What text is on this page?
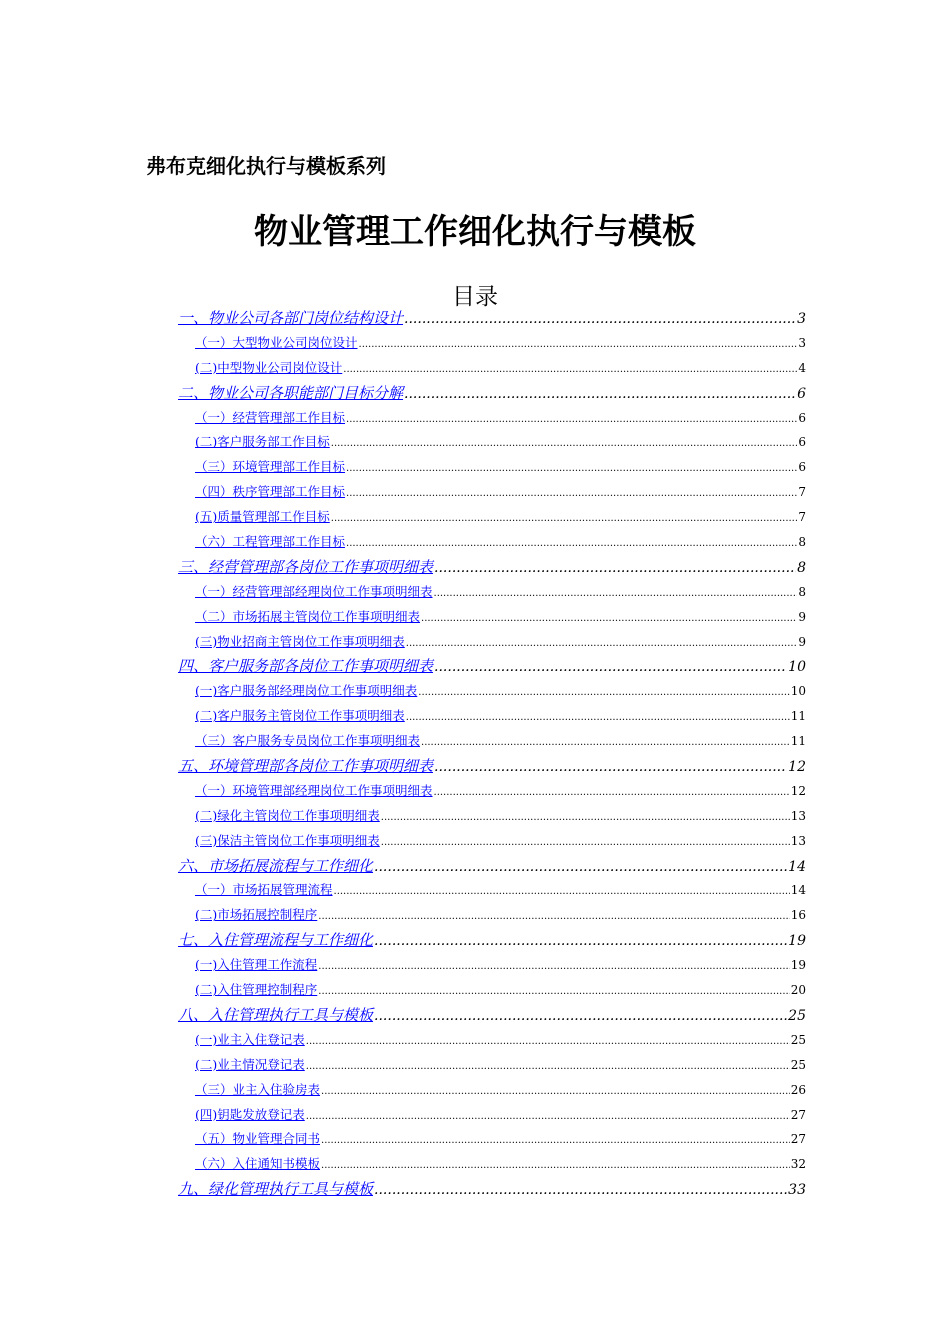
弗布克细化执行与模板系列
物业管理工作细化执行与模板
目录
一、物业公司各部门岗位结构设计 .....	3
（一）大型物业公司岗位设计 .....	3
(二)中型物业公司岗位设计 .....	4
二、物业公司各职能部门目标分解 .....	6
（一）经营管理部工作目标 .....	6
(二)客户服务部工作目标 .....	6
（三）环境管理部工作目标 .....	6
（四）秩序管理部工作目标 .....	7
(五)质量管理部工作目标 .....	7
（六）工程管理部工作目标 .....	8
三、经营管理部各岗位工作事项明细表 .....	8
（一）经营管理部经理岗位工作事项明细表 .....	8
（二）市场拓展主管岗位工作事项明细表 .....	9
(三)物业招商主管岗位工作事项明细表 .....	9
四、客户服务部各岗位工作事项明细表 .....	10
(一)客户服务部经理岗位工作事项明细表 .....	10
(二)客户服务主管岗位工作事项明细表 .....	11
（三）客户服务专员岗位工作事项明细表 .....	11
五、环境管理部各岗位工作事项明细表 .....	12
（一）环境管理部经理岗位工作事项明细表 .....	12
(二)绿化主管岗位工作事项明细表 .....	13
(三)保洁主管岗位工作事项明细表 .....	13
六、市场拓展流程与工作细化 .....	14
（一）市场拓展管理流程 .....	14
(二)市场拓展控制程序 .....	16
七、入住管理流程与工作细化 .....	19
(一)入住管理工作流程 .....	19
(二)入住管理控制程序 .....	20
八、入住管理执行工具与模板 .....	25
(一)业主入住登记表 .....	25
(二)业主情况登记表 .....	25
（三）业主入住验房表 .....	26
(四)钥匙发放登记表 .....	27
（五）物业管理合同书 .....	27
（六）入住通知书模板 .....	32
九、绿化管理执行工具与模板 .....	33
